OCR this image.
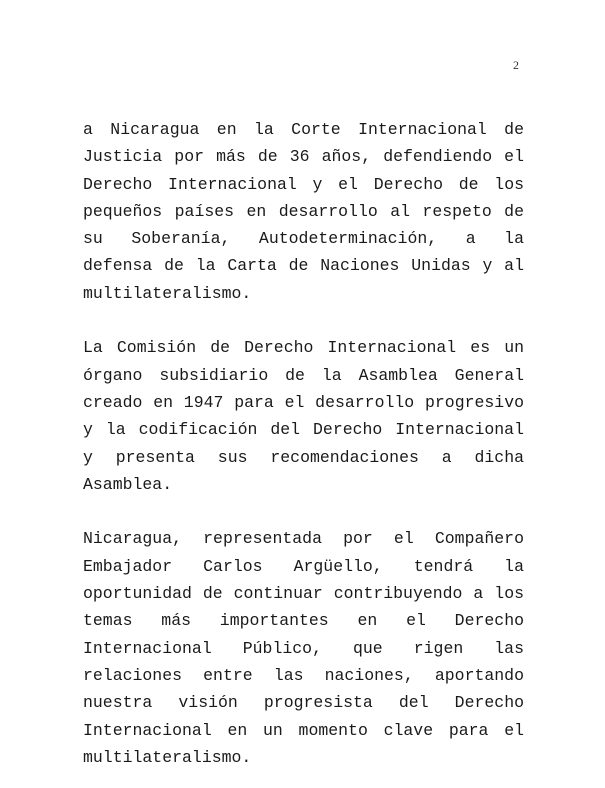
2

a Nicaragua en la Corte Internacional de Justicia por más de 36 años, defendiendo el Derecho Internacional y el Derecho de los pequeños países en desarrollo al respeto de su Soberanía, Autodeterminación, a la defensa de la Carta de Naciones Unidas y al multilateralismo.

La Comisión de Derecho Internacional es un órgano subsidiario de la Asamblea General creado en 1947 para el desarrollo progresivo y la codificación del Derecho Internacional y presenta sus recomendaciones a dicha Asamblea.

Nicaragua, representada por el Compañero Embajador Carlos Argüello, tendrá la oportunidad de continuar contribuyendo a los temas más importantes en el Derecho Internacional Público, que rigen las relaciones entre las naciones, aportando nuestra visión progresista del Derecho Internacional en un momento clave para el multilateralismo.
